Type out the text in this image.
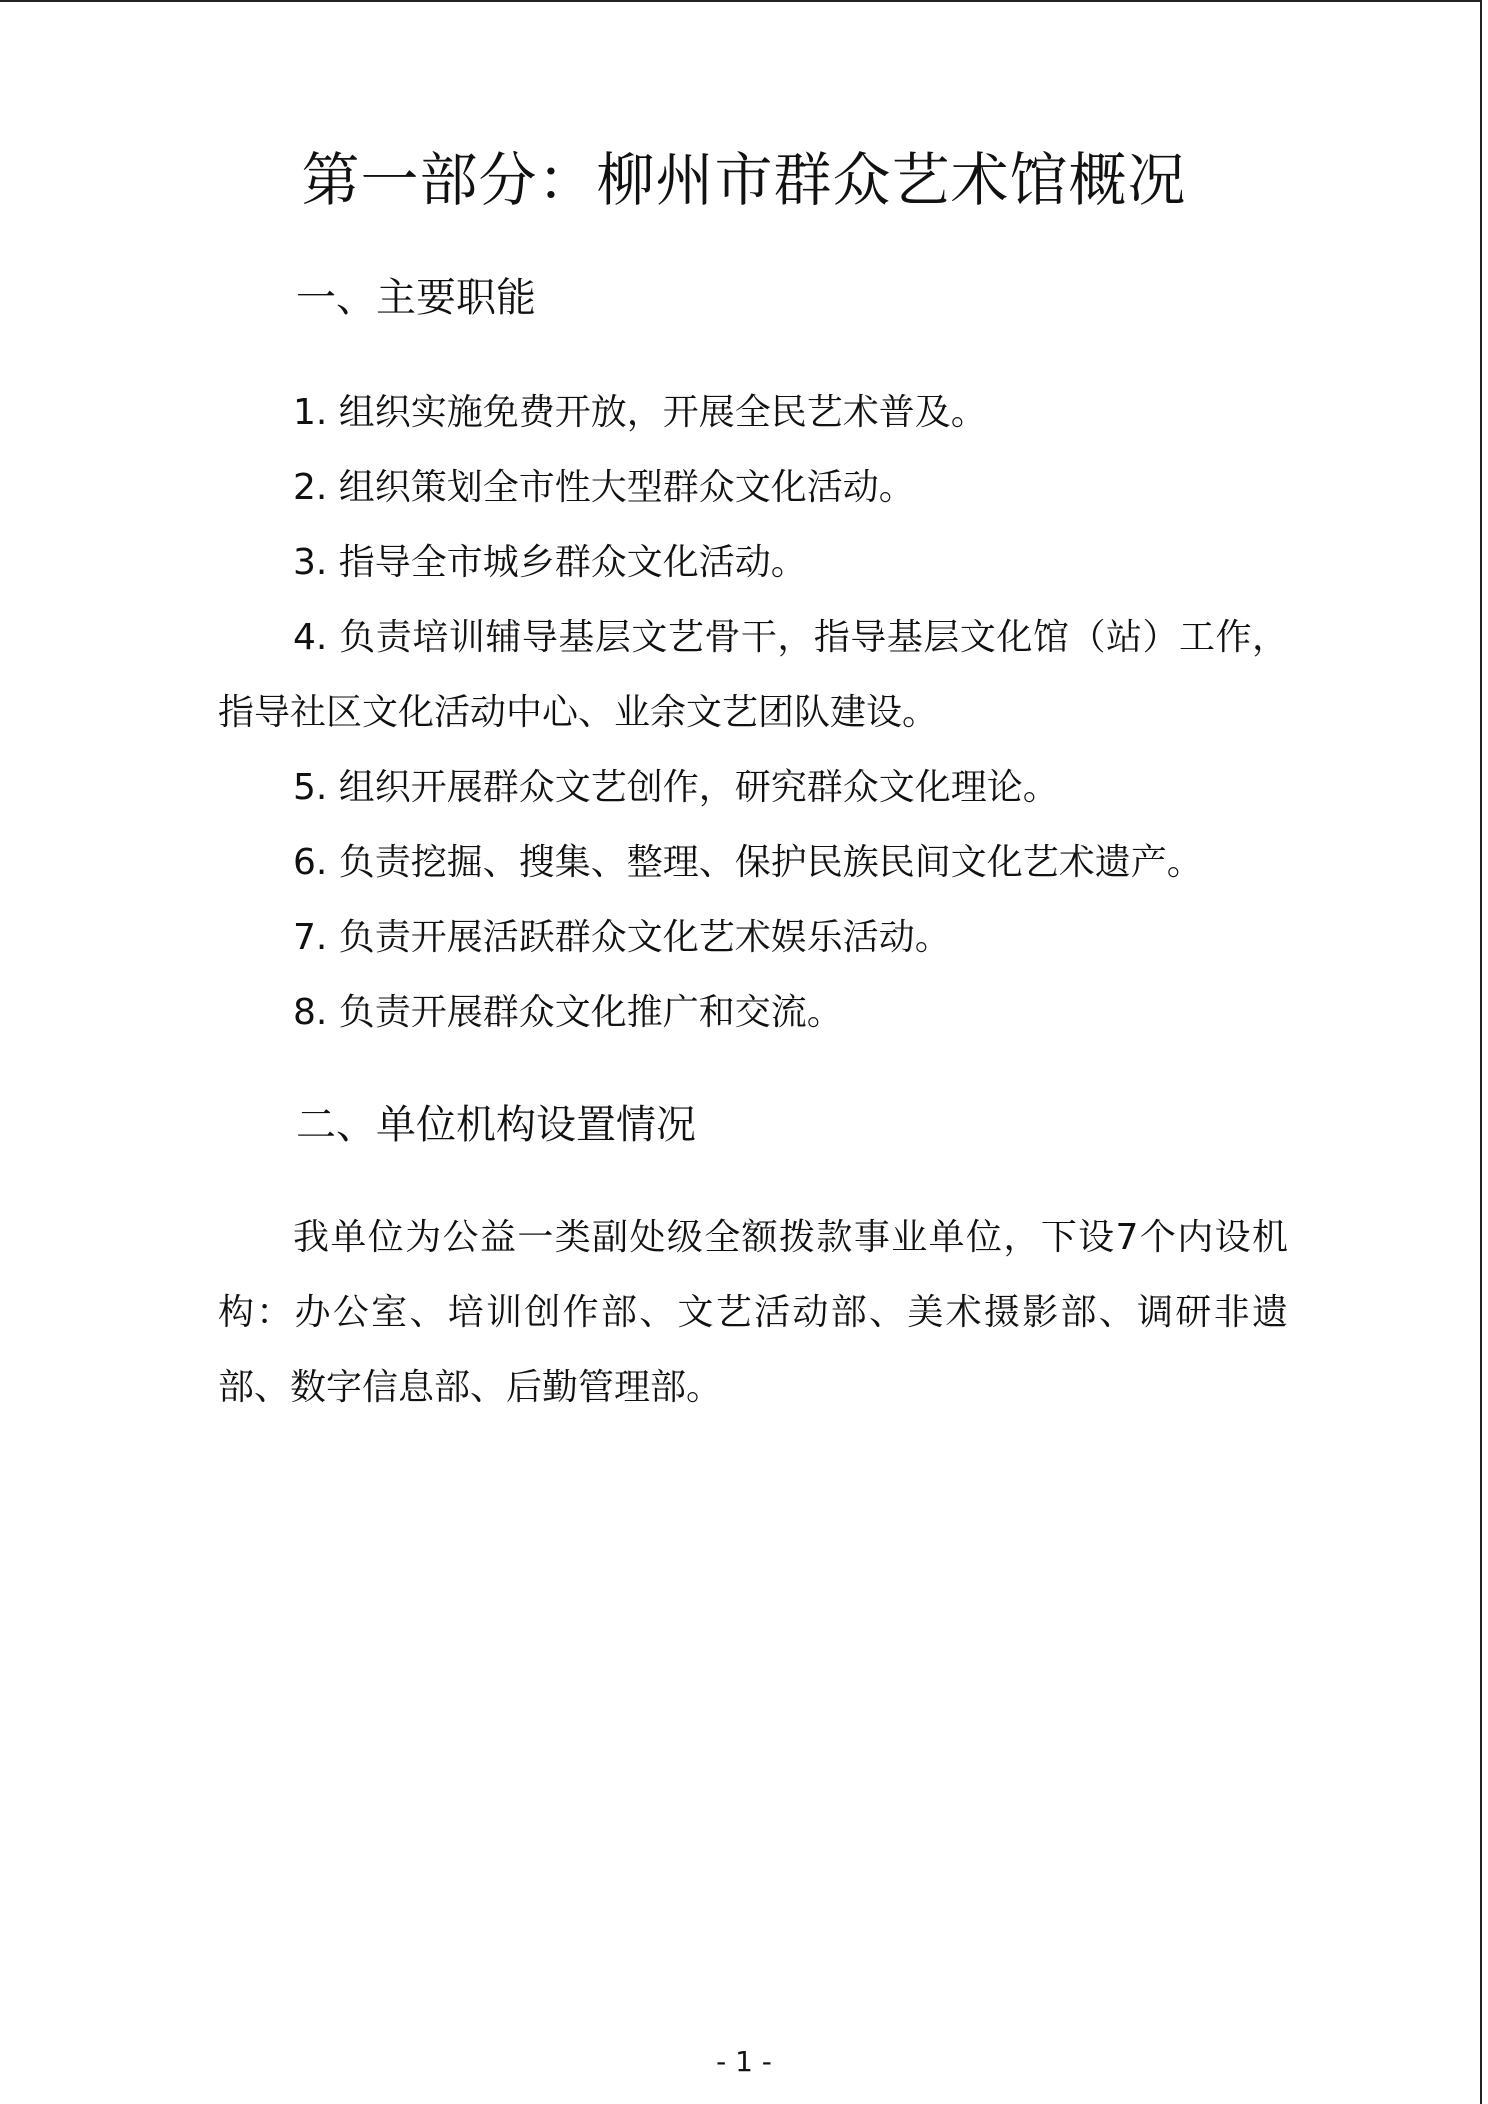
第一部分：柳州市群众艺术馆概况
一、主要职能
1. 组织实施免费开放，开展全民艺术普及。
2. 组织策划全市性大型群众文化活动。
3. 指导全市城乡群众文化活动。
4. 负责培训辅导基层文艺骨干，指导基层文化馆（站）工作，指导社区文化活动中心、业余文艺团队建设。
5. 组织开展群众文艺创作，研究群众文化理论。
6. 负责挖掘、搜集、整理、保护民族民间文化艺术遗产。
7. 负责开展活跃群众文化艺术娱乐活动。
8. 负责开展群众文化推广和交流。
二、单位机构设置情况
我单位为公益一类副处级全额拨款事业单位，下设7个内设机构：办公室、培训创作部、文艺活动部、美术摄影部、调研非遗部、数字信息部、后勤管理部。
- 1 -
